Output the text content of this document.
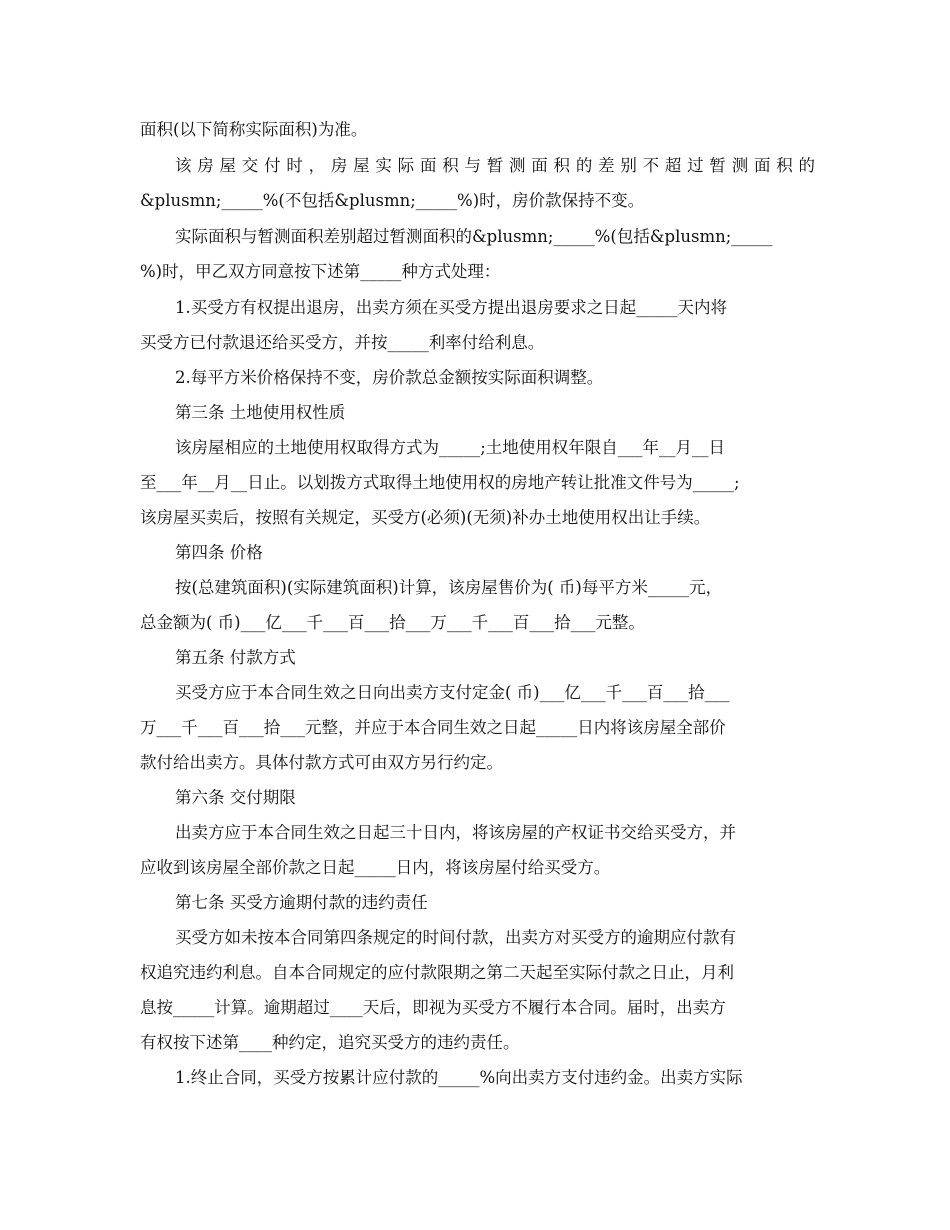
面积(以下简称实际面积)为准。
该房屋交付时，房屋实际面积与暂测面积的差别不超过暂测面积的
&plusmn;_____%(不包括&plusmn;_____%)时，房价款保持不变。
实际面积与暂测面积差别超过暂测面积的&plusmn;_____%(包括&plusmn;_____
%)时，甲乙双方同意按下述第_____种方式处理：
1.买受方有权提出退房，出卖方须在买受方提出退房要求之日起_____天内将
买受方已付款退还给买受方，并按_____利率付给利息。
2.每平方米价格保持不变，房价款总金额按实际面积调整。
第三条 土地使用权性质
该房屋相应的土地使用权取得方式为_____;土地使用权年限自___年__月__日
至___年__月__日止。以划拨方式取得土地使用权的房地产转让批准文件号为_____;
该房屋买卖后，按照有关规定，买受方(必须)(无须)补办土地使用权出让手续。
第四条 价格
按(总建筑面积)(实际建筑面积)计算，该房屋售价为( 币)每平方米_____元，
总金额为( 币)___亿___千___百___拾___万___千___百___拾___元整。
第五条 付款方式
买受方应于本合同生效之日向出卖方支付定金( 币)___亿___千___百___拾___
万___千___百___拾___元整，并应于本合同生效之日起_____日内将该房屋全部价
款付给出卖方。具体付款方式可由双方另行约定。
第六条 交付期限
出卖方应于本合同生效之日起三十日内，将该房屋的产权证书交给买受方，并
应收到该房屋全部价款之日起_____日内，将该房屋付给买受方。
第七条 买受方逾期付款的违约责任
买受方如未按本合同第四条规定的时间付款，出卖方对买受方的逾期应付款有
权追究违约利息。自本合同规定的应付款限期之第二天起至实际付款之日止，月利
息按_____计算。逾期超过____天后，即视为买受方不履行本合同。届时，出卖方
有权按下述第____种约定，追究买受方的违约责任。
1.终止合同，买受方按累计应付款的_____%向出卖方支付违约金。出卖方实际
